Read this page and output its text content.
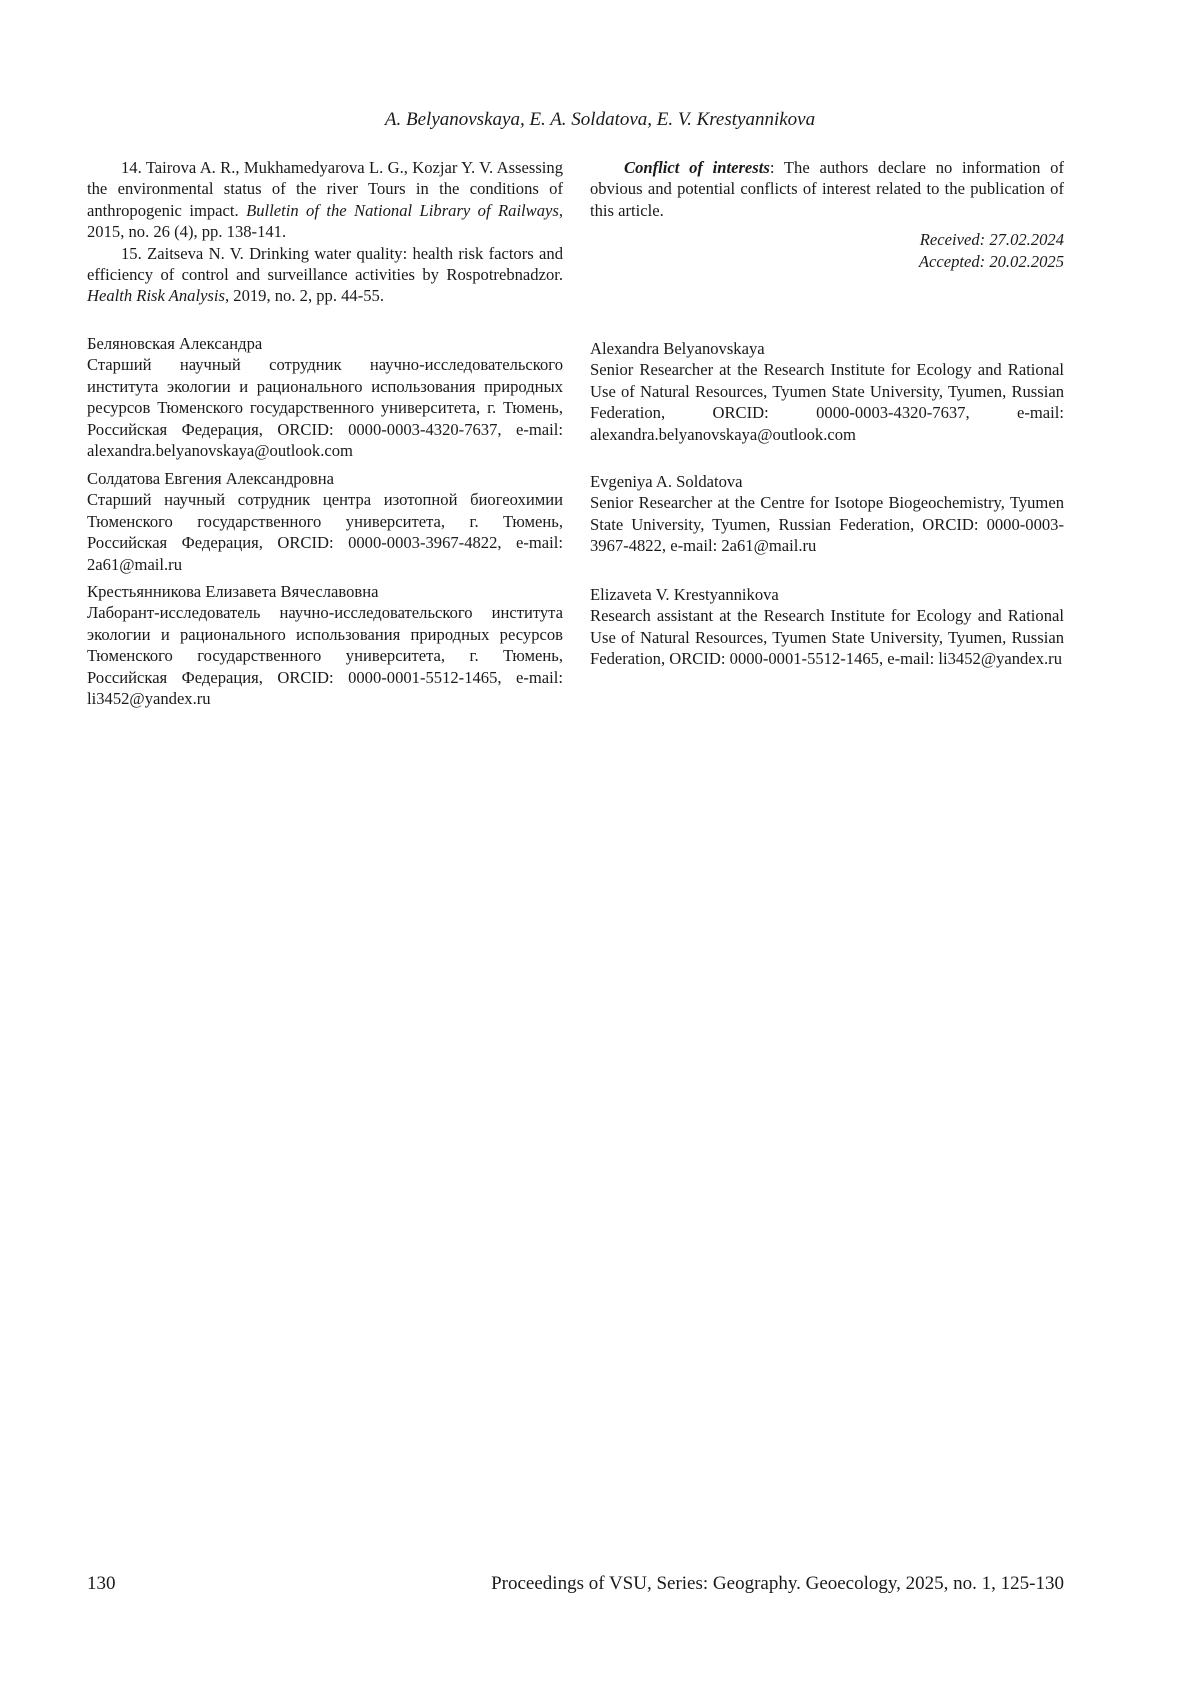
A. Belyanovskaya, E. A. Soldatova, E. V. Krestyannikova

14. Tairova A. R., Mukhamedyarova L. G., Kozjar Y. V. Assessing the environmental status of the river Tours in the conditions of anthropogenic impact. Bulletin of the National Library of Railways, 2015, no. 26 (4), pp. 138-141.

15. Zaitseva N. V. Drinking water quality: health risk factors and efficiency of control and surveillance activities by Rospotrebnadzor. Health Risk Analysis, 2019, no. 2, pp. 44-55.

Conflict of interests: The authors declare no information of obvious and potential conflicts of interest related to the publication of this article.

Received: 27.02.2024
Accepted: 20.02.2025

Беляновская Александра

Старший научный сотрудник научно-исследовательского института экологии и рационального использования природных ресурсов Тюменского государственного университета, г. Тюмень, Российская Федерация, ORCID: 0000-0003-4320-7637, e-mail: alexandra.belyanovskaya@outlook.com

Солдатова Евгения Александровна

Старший научный сотрудник центра изотопной биогеохимии Тюменского государственного университета, г. Тюмень, Российская Федерация, ORCID: 0000-0003-3967-4822, e-mail: 2a61@mail.ru

Крестьянникова Елизавета Вячеславовна

Лаборант-исследователь научно-исследовательского института экологии и рационального использования природных ресурсов Тюменского государственного университета, г. Тюмень, Российская Федерация, ORCID: 0000-0001-5512-1465, e-mail: li3452@yandex.ru

Alexandra Belyanovskaya

Senior Researcher at the Research Institute for Ecology and Rational Use of Natural Resources, Tyumen State University, Tyumen, Russian Federation, ORCID: 0000-0003-4320-7637, e-mail: alexandra.belyanovskaya@outlook.com

Evgeniya A. Soldatova

Senior Researcher at the Centre for Isotope Biogeochemistry, Tyumen State University, Tyumen, Russian Federation, ORCID: 0000-0003-3967-4822, e-mail: 2a61@mail.ru

Elizaveta V. Krestyannikova

Research assistant at the Research Institute for Ecology and Rational Use of Natural Resources, Tyumen State University, Tyumen, Russian Federation, ORCID: 0000-0001-5512-1465, e-mail: li3452@yandex.ru

130	Proceedings of VSU, Series: Geography. Geoecology, 2025, no. 1, 125-130
